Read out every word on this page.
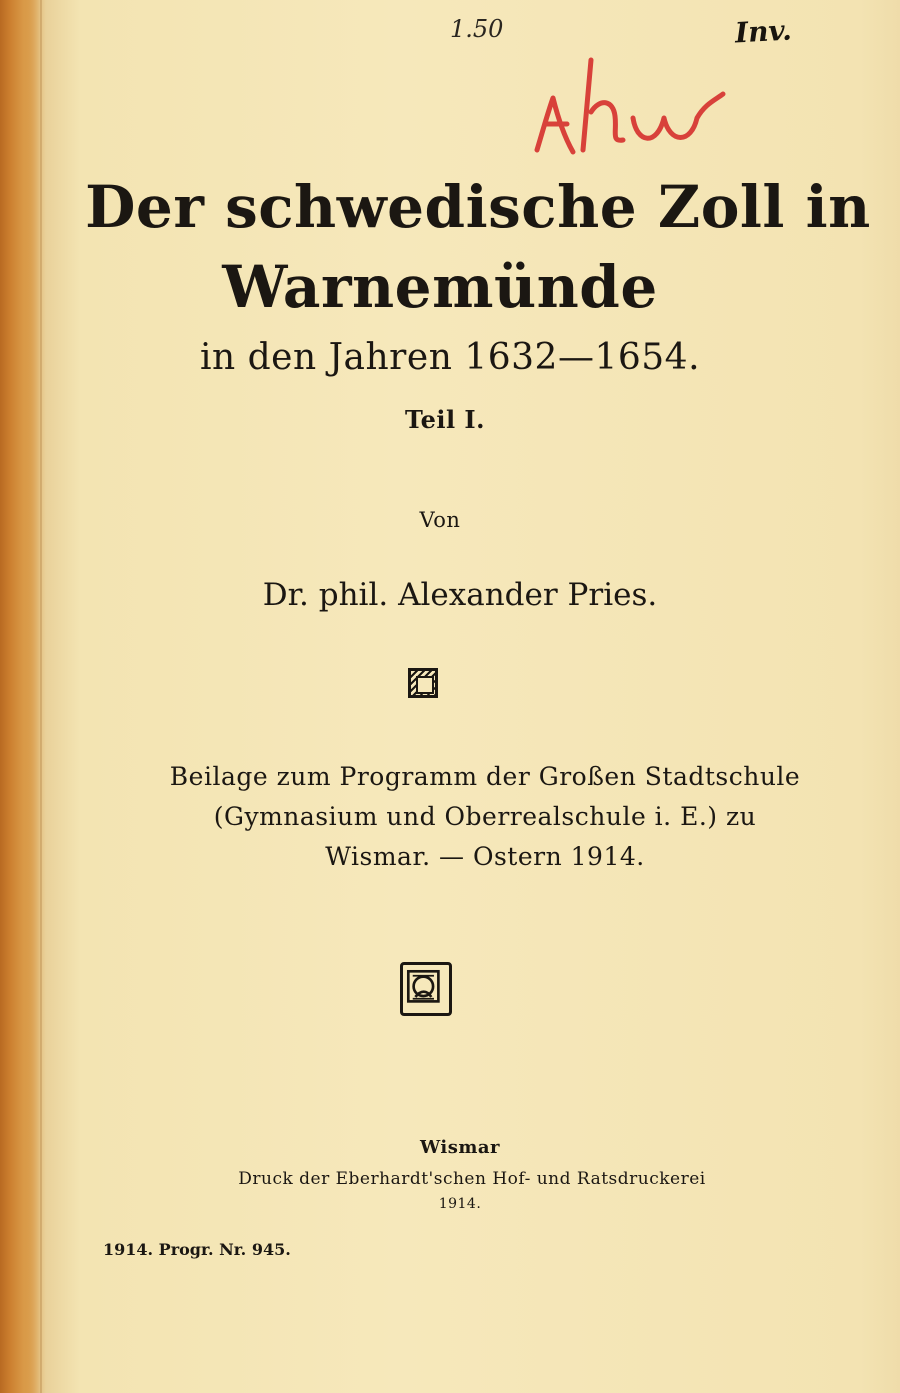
1.50	Inv.
Der schwedische Zoll in
Warnemünde
in den Jahren 1632—1654.
Teil I.
Von
Dr. phil. Alexander Pries.
Beilage zum Programm der Großen Stadtschule
(Gymnasium und Oberrealschule i. E.) zu
Wismar. — Ostern 1914.
Wismar
Druck der Eberhardt'schen Hof- und Ratsdruckerei
1914.
1914. Progr. Nr. 945.
